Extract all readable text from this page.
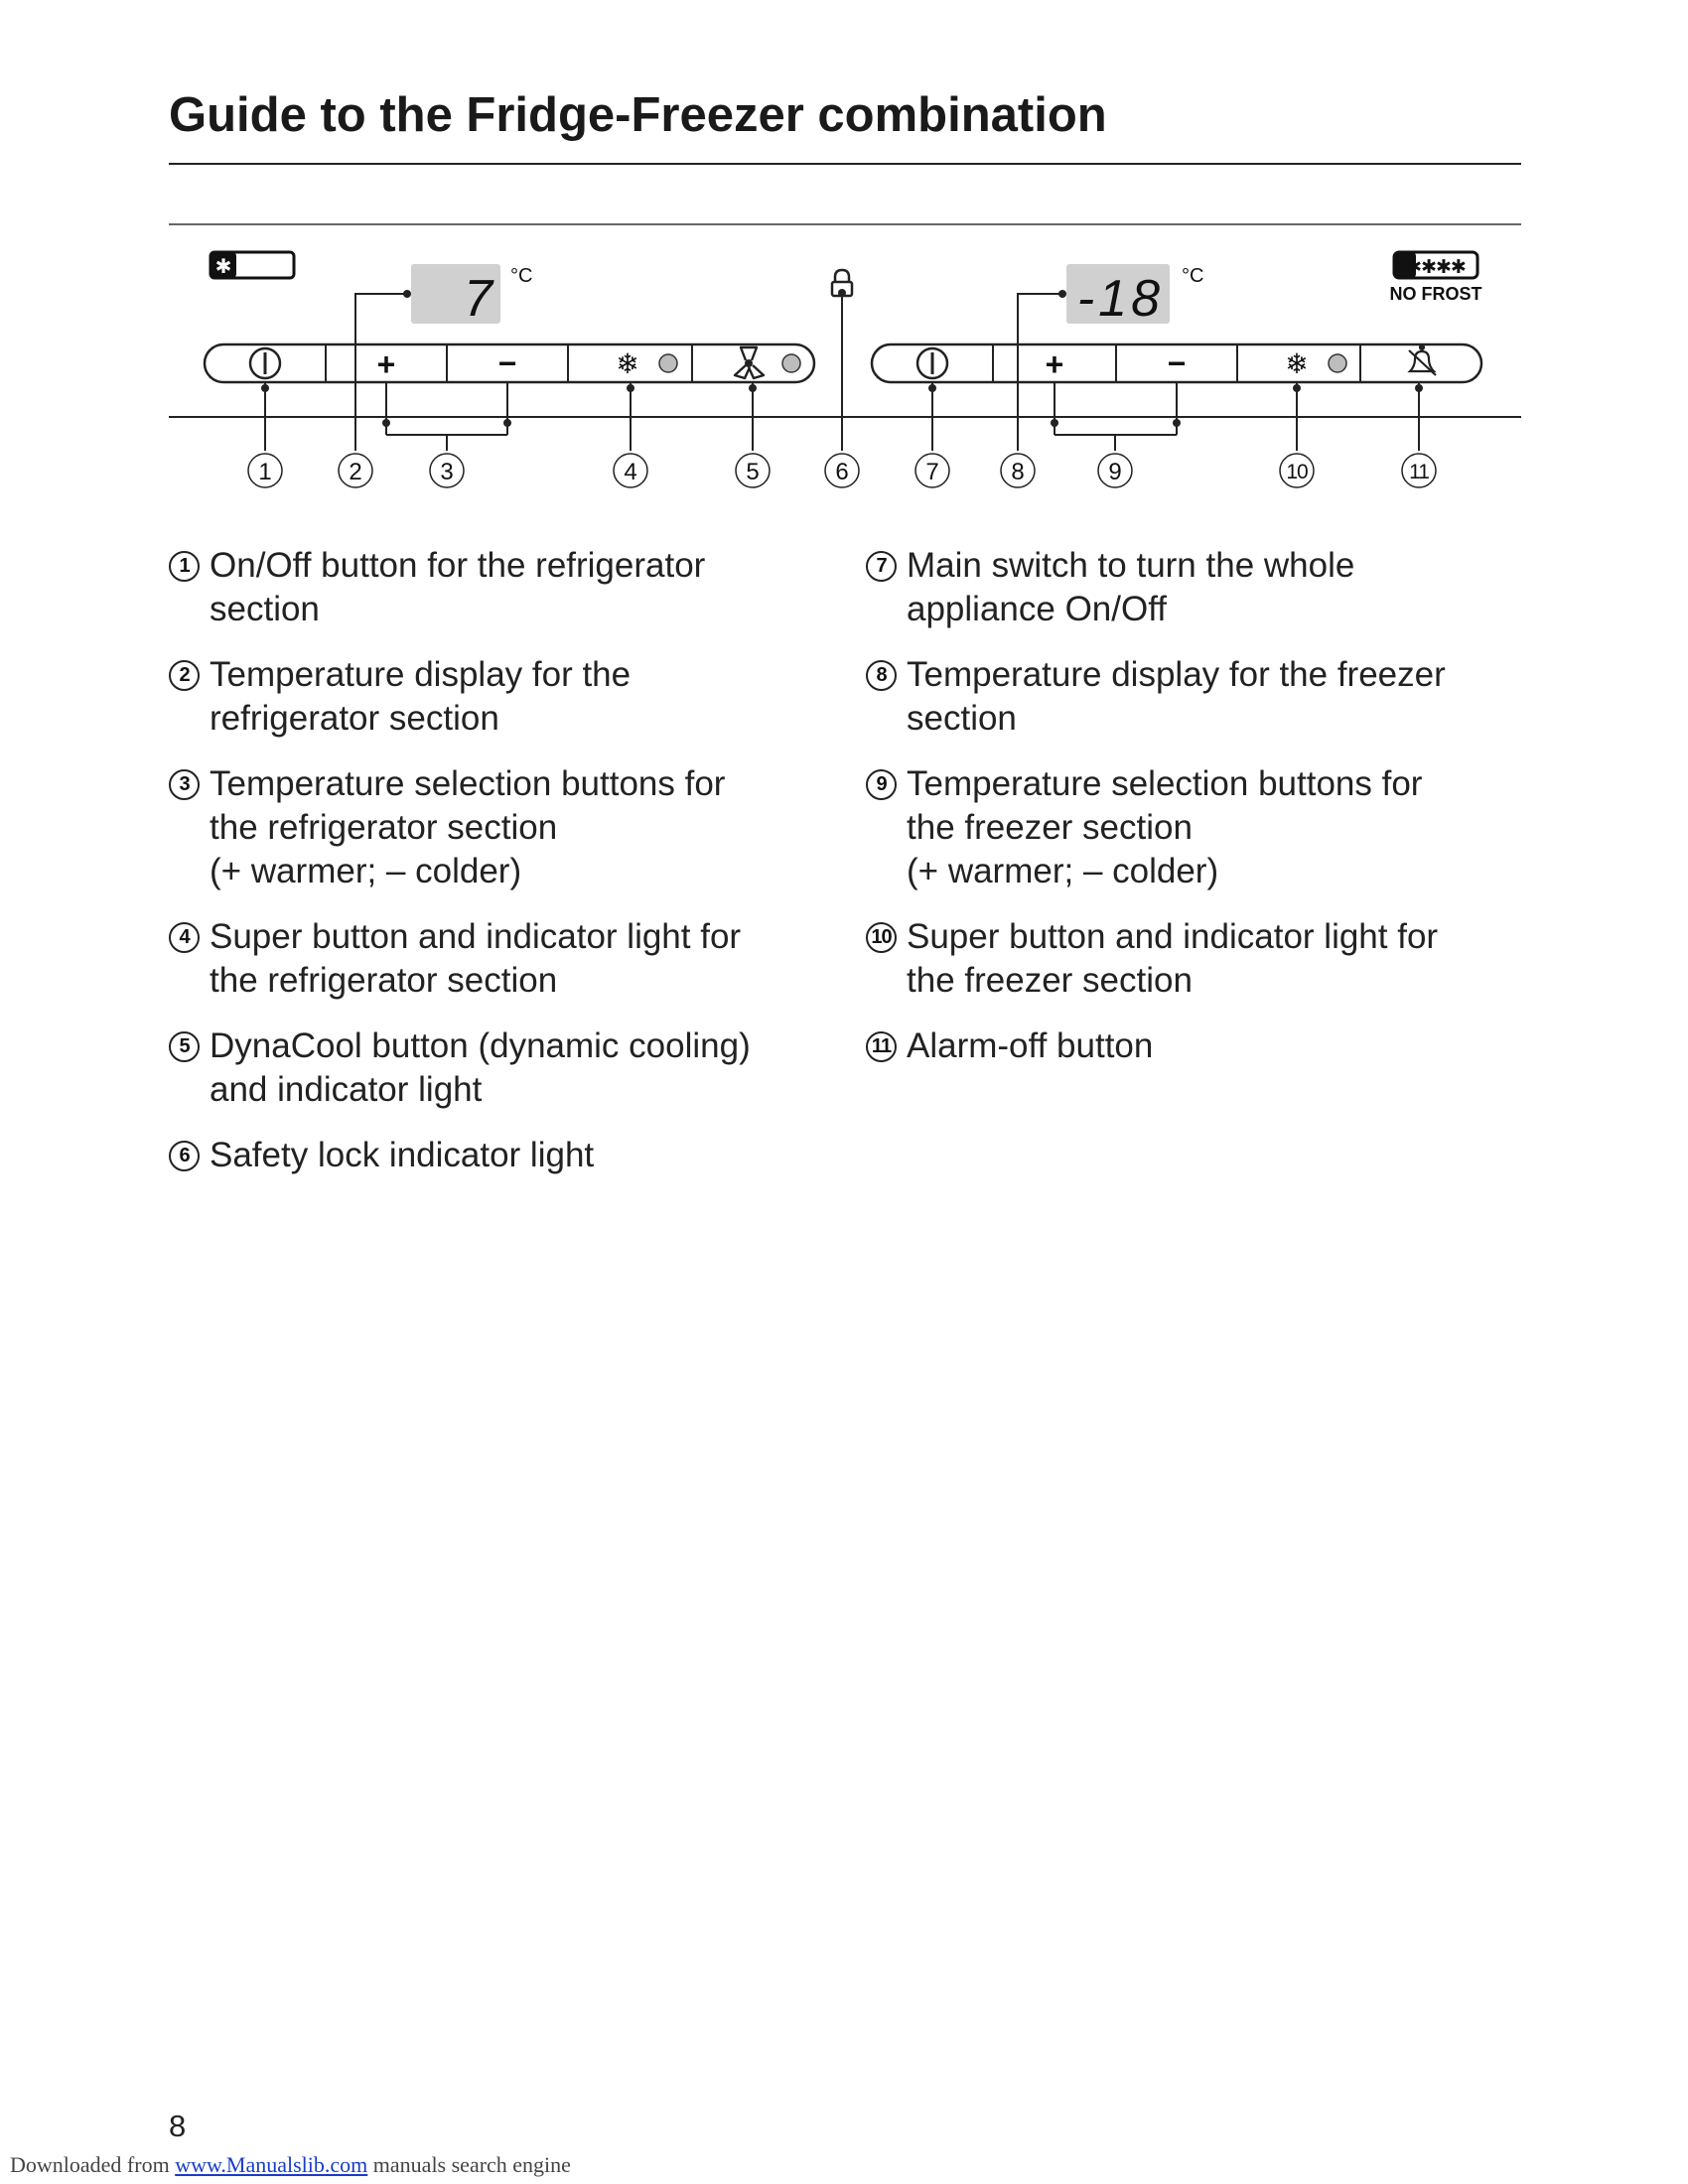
Guide to the Fridge-Freezer combination
✱
7 °C	-18 °C	✱✱✱✱
NO FROST
+	−	❄	+	−	❄
1	2	3	4	5	6	7	8	9	10	11
1 On/Off button for the refrigerator
section
2 Temperature display for the
refrigerator section
3 Temperature selection buttons for
the refrigerator section
(+ warmer; – colder)
4 Super button and indicator light for
the refrigerator section
5 DynaCool button (dynamic cooling)
and indicator light
6 Safety lock indicator light
7 Main switch to turn the whole
appliance On/Off
8 Temperature display for the freezer
section
9 Temperature selection buttons for
the freezer section
(+ warmer; – colder)
10 Super button and indicator light for
the freezer section
11 Alarm-off button
8
Downloaded from www.Manualslib.com manuals search engine
